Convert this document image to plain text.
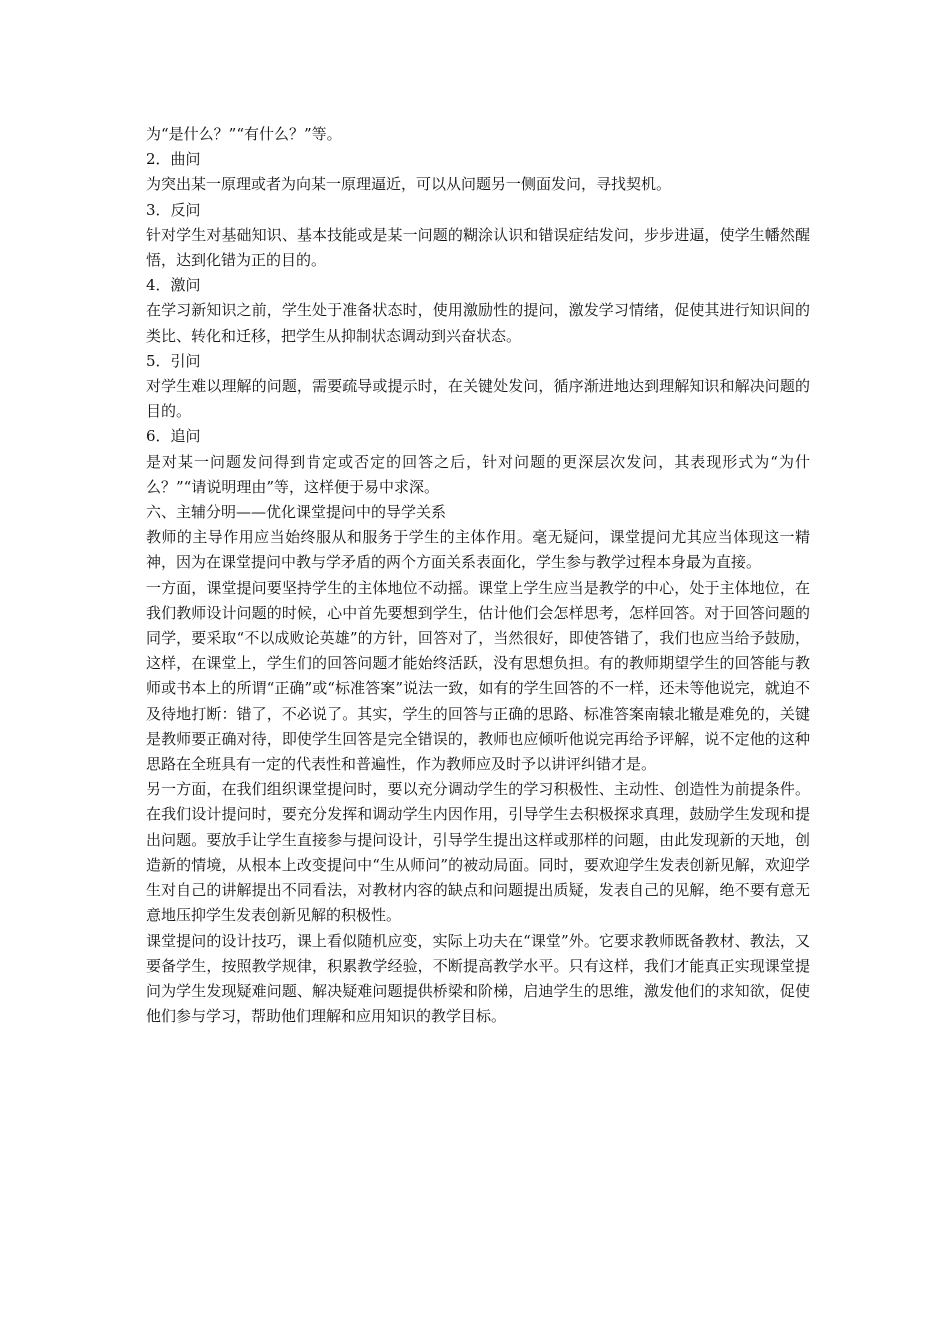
为“是什么？”“有什么？”等。

2．曲问

为突出某一原理或者为向某一原理逼近，可以从问题另一侧面发问，寻找契机。

3．反问

针对学生对基础知识、基本技能或是某一问题的糊涂认识和错误症结发问，步步进逼，使学生幡然醒悟，达到化错为正的目的。

4．激问

在学习新知识之前，学生处于准备状态时，使用激励性的提问，激发学习情绪，促使其进行知识间的类比、转化和迁移，把学生从抑制状态调动到兴奋状态。

5．引问

对学生难以理解的问题，需要疏导或提示时，在关键处发问，循序渐进地达到理解知识和解决问题的目的。

6．追问

是对某一问题发问得到肯定或否定的回答之后，针对问题的更深层次发问，其表现形式为“为什么？”“请说明理由”等，这样便于易中求深。

六、主辅分明——优化课堂提问中的导学关系

教师的主导作用应当始终服从和服务于学生的主体作用。毫无疑问，课堂提问尤其应当体现这一精神，因为在课堂提问中教与学矛盾的两个方面关系表面化，学生参与教学过程本身最为直接。

一方面，课堂提问要坚持学生的主体地位不动摇。课堂上学生应当是教学的中心，处于主体地位，在我们教师设计问题的时候，心中首先要想到学生，估计他们会怎样思考，怎样回答。对于回答问题的同学，要采取“不以成败论英雄”的方针，回答对了，当然很好，即使答错了，我们也应当给予鼓励，这样，在课堂上，学生们的回答问题才能始终活跃，没有思想负担。有的教师期望学生的回答能与教师或书本上的所谓“正确”或“标准答案”说法一致，如有的学生回答的不一样，还未等他说完，就迫不及待地打断：错了，不必说了。其实，学生的回答与正确的思路、标准答案南辕北辙是难免的，关键是教师要正确对待，即使学生回答是完全错误的，教师也应倾听他说完再给予评解，说不定他的这种思路在全班具有一定的代表性和普遍性，作为教师应及时予以讲评纠错才是。

另一方面，在我们组织课堂提问时，要以充分调动学生的学习积极性、主动性、创造性为前提条件。在我们设计提问时，要充分发挥和调动学生内因作用，引导学生去积极探求真理，鼓励学生发现和提出问题。要放手让学生直接参与提问设计，引导学生提出这样或那样的问题，由此发现新的天地，创造新的情境，从根本上改变提问中“生从师问”的被动局面。同时，要欢迎学生发表创新见解，欢迎学生对自己的讲解提出不同看法，对教材内容的缺点和问题提出质疑，发表自己的见解，绝不要有意无意地压抑学生发表创新见解的积极性。

课堂提问的设计技巧，课上看似随机应变，实际上功夫在“课堂”外。它要求教师既备教材、教法，又要备学生，按照教学规律，积累教学经验，不断提高教学水平。只有这样，我们才能真正实现课堂提问为学生发现疑难问题、解决疑难问题提供桥梁和阶梯，启迪学生的思维，激发他们的求知欲，促使他们参与学习，帮助他们理解和应用知识的教学目标。
